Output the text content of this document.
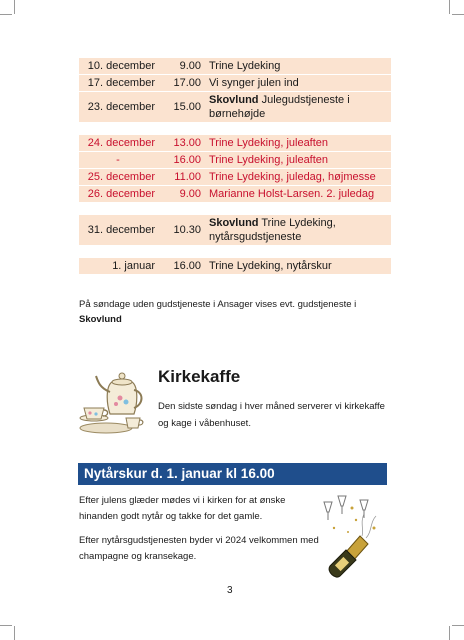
10. december	9.00	Trine Lydeking
17. december	17.00	Vi synger julen ind
23. december	15.00	Skovlund Julegudstjeneste i børnehøjde

24. december	13.00	Trine Lydeking, juleaften
-	16.00	Trine Lydeking, juleaften
25. december	11.00	Trine Lydeking, juledag, højmesse
26. december	9.00	Marianne Holst-Larsen. 2. juledag

31. december	10.30	Skovlund Trine Lydeking, nytårsgudstjeneste

1. januar	16.00	Trine Lydeking, nytårskur
På søndage uden gudstjeneste i Ansager vises evt. gudstjeneste i
Skovlund
Kirkekaffe
Den sidste søndag i hver måned serverer vi kirkekaffe og kage i våbenhuset.
Nytårskur d. 1. januar kl 16.00
Efter julens glæder mødes vi i kirken for at ønske hinanden godt nytår og takke for det gamle.
Efter nytårsgudstjenesten byder vi 2024 velkommen med champagne og kransekage.
3
